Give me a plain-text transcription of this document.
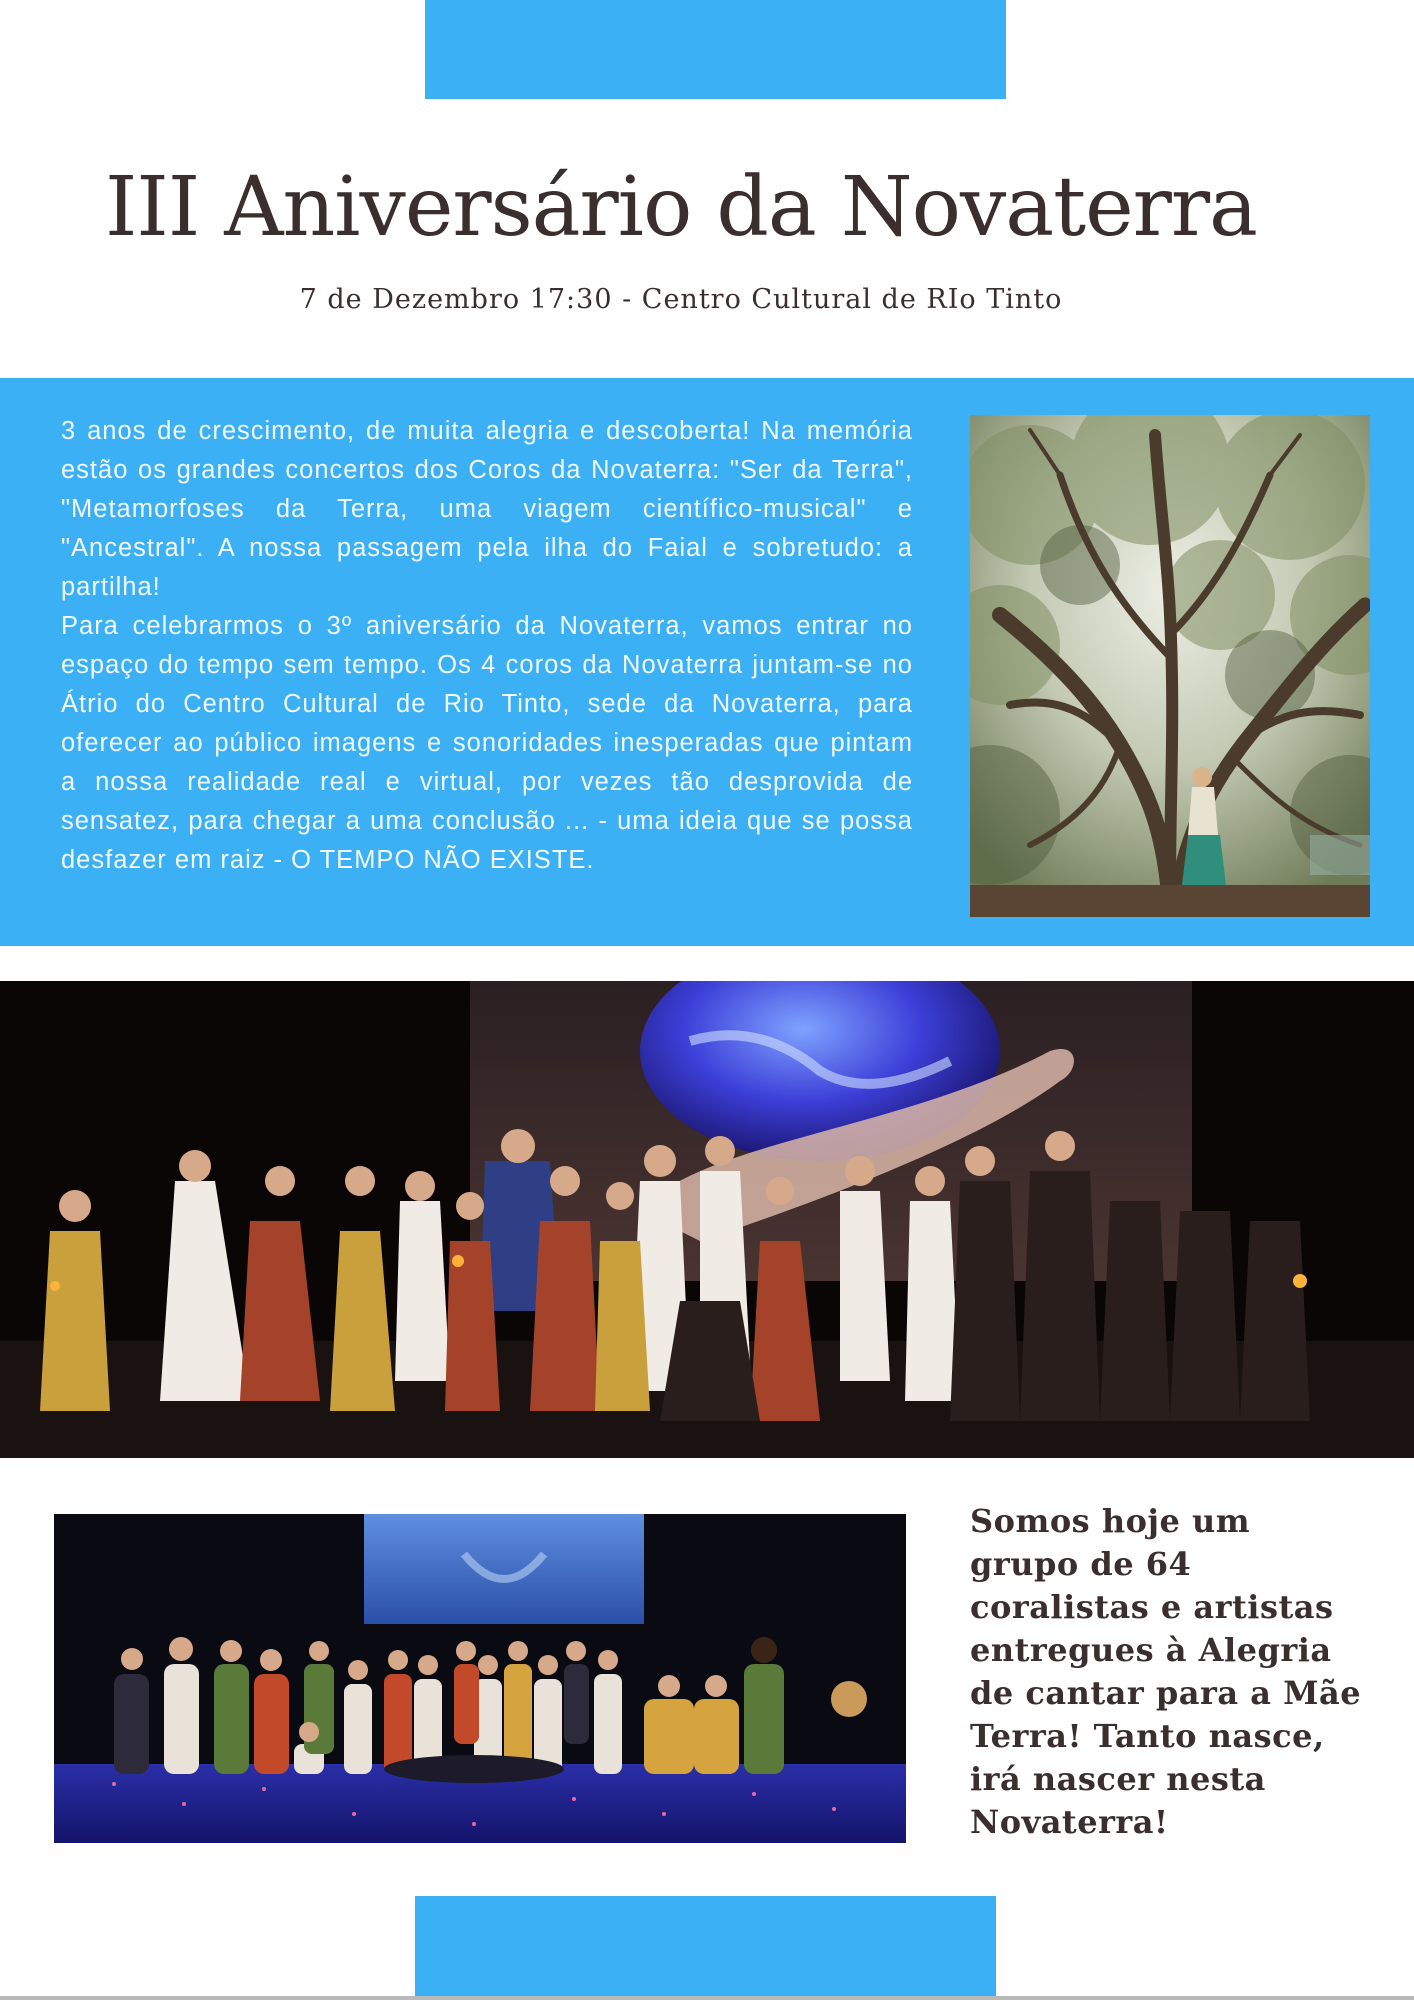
III Aniversário da Novaterra
7 de Dezembro 17:30 - Centro Cultural de RIo Tinto

3 anos de crescimento, de muita alegria e descoberta! Na memória estão os grandes concertos dos Coros da Novaterra: "Ser da Terra", "Metamorfoses da Terra, uma viagem científico-musical" e "Ancestral". A nossa passagem pela ilha do Faial e sobretudo: a partilha!

Para celebrarmos o 3º aniversário da Novaterra, vamos entrar no espaço do tempo sem tempo. Os 4 coros da Novaterra juntam-se no Átrio do Centro Cultural de Rio Tinto, sede da Novaterra, para oferecer ao público imagens e sonoridades inesperadas que pintam a nossa realidade real e virtual, por vezes tão desprovida de sensatez, para chegar a uma conclusão ... - uma ideia que se possa desfazer em raiz - O TEMPO NÃO EXISTE.

Somos hoje um grupo de 64 coralistas e artistas entregues à Alegria de cantar para a Mãe Terra! Tanto nasce, irá nascer nesta Novaterra!
